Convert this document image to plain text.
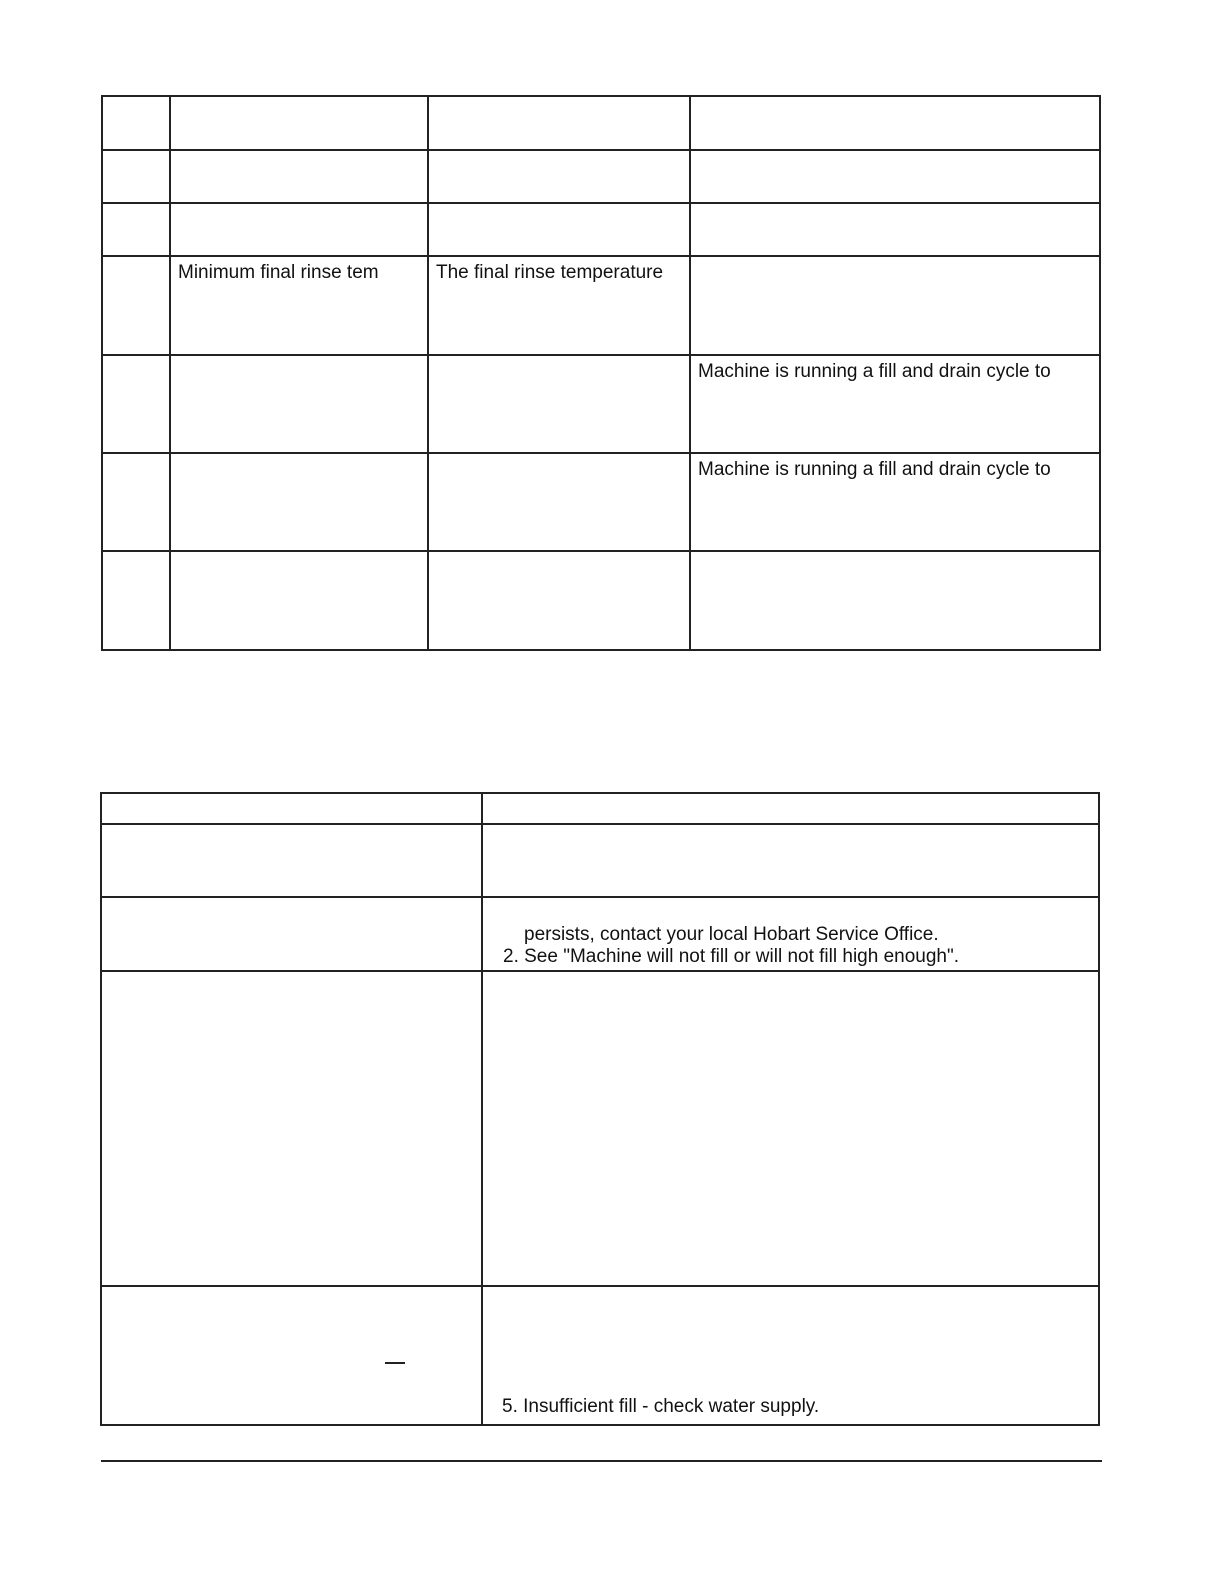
	Minimum final rinse tem	The final rinse temperature	

			Machine is running a fill and drain cycle to

			Machine is running a fill and drain cycle to

	persists, contact your local Hobart Service Office.
2. See "Machine will not fill or will not fill high enough".

	5. Insufficient fill - check water supply.
